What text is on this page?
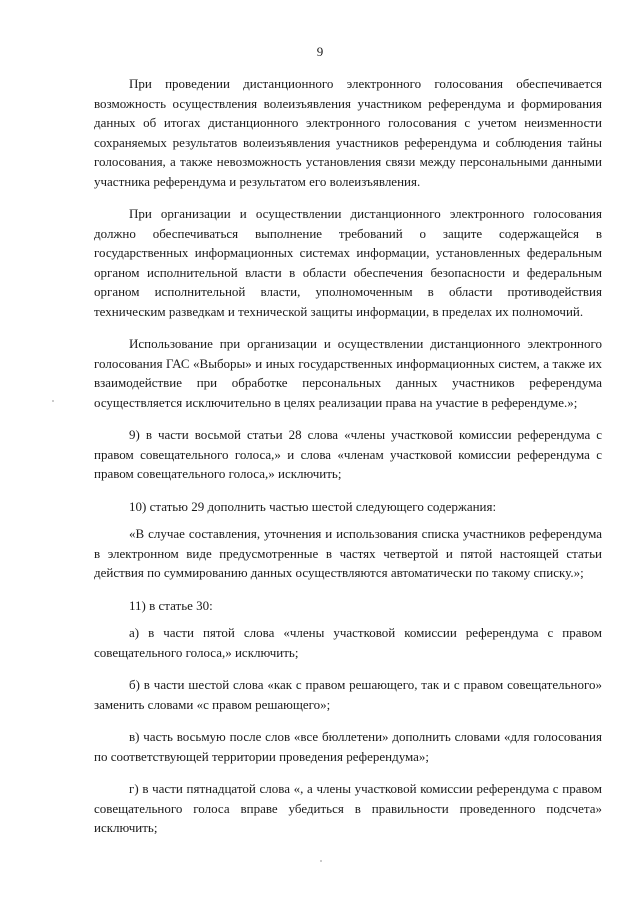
9

При проведении дистанционного электронного голосования обеспечивается возможность осуществления волеизъявления участником референдума и формирования данных об итогах дистанционного электронного голосования с учетом неизменности сохраняемых результатов волеизъявления участников референдума и соблюдения тайны голосования, а также невозможность установления связи между персональными данными участника референдума и результатом его волеизъявления.

При организации и осуществлении дистанционного электронного голосования должно обеспечиваться выполнение требований о защите содержащейся в государственных информационных системах информации, установленных федеральным органом исполнительной власти в области обеспечения безопасности и федеральным органом исполнительной власти, уполномоченным в области противодействия техническим разведкам и технической защиты информации, в пределах их полномочий.

Использование при организации и осуществлении дистанционного электронного голосования ГАС «Выборы» и иных государственных информационных систем, а также их взаимодействие при обработке персональных данных участников референдума осуществляется исключительно в целях реализации права на участие в референдуме.»;

9) в части восьмой статьи 28 слова «члены участковой комиссии референдума с правом совещательного голоса,» и слова «членам участковой комиссии референдума с правом совещательного голоса,» исключить;

10) статью 29 дополнить частью шестой следующего содержания:

«В случае составления, уточнения и использования списка участников референдума в электронном виде предусмотренные в частях четвертой и пятой настоящей статьи действия по суммированию данных осуществляются автоматически по такому списку.»;

11) в статье 30:

а) в части пятой слова «члены участковой комиссии референдума с правом совещательного голоса,» исключить;

б) в части шестой слова «как с правом решающего, так и с правом совещательного» заменить словами «с правом решающего»;

в) часть восьмую после слов «все бюллетени» дополнить словами «для голосования по соответствующей территории проведения референдума»;

г) в части пятнадцатой слова «, а члены участковой комиссии референдума с правом совещательного голоса вправе убедиться в правильности проведенного подсчета» исключить;
